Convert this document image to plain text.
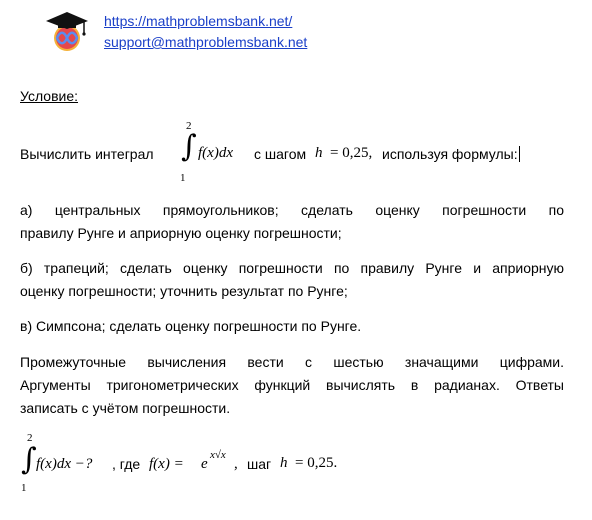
https://mathproblemsbank.net/
support@mathproblemsbank.net
Условие:
Вычислить интеграл
2
∫
1
f(x)dx с шагом h = 0,25, используя формулы:
а) центральных прямоугольников; сделать оценку погрешности по
правилу Рунге и априорную оценку погрешности;
б) трапеций; сделать оценку погрешности по правилу Рунге и априорную
оценку погрешности; уточнить результат по Рунге;
в) Симпсона; сделать оценку погрешности по Рунге.
Промежуточные вычисления вести с шестью значащими цифрами.
Аргументы тригонометрических функций вычислять в радианах. Ответы
записать с учётом погрешности.
2
∫
1
f(x)dx −? , где f(x) = e
x√x
, шаг h = 0,25.
